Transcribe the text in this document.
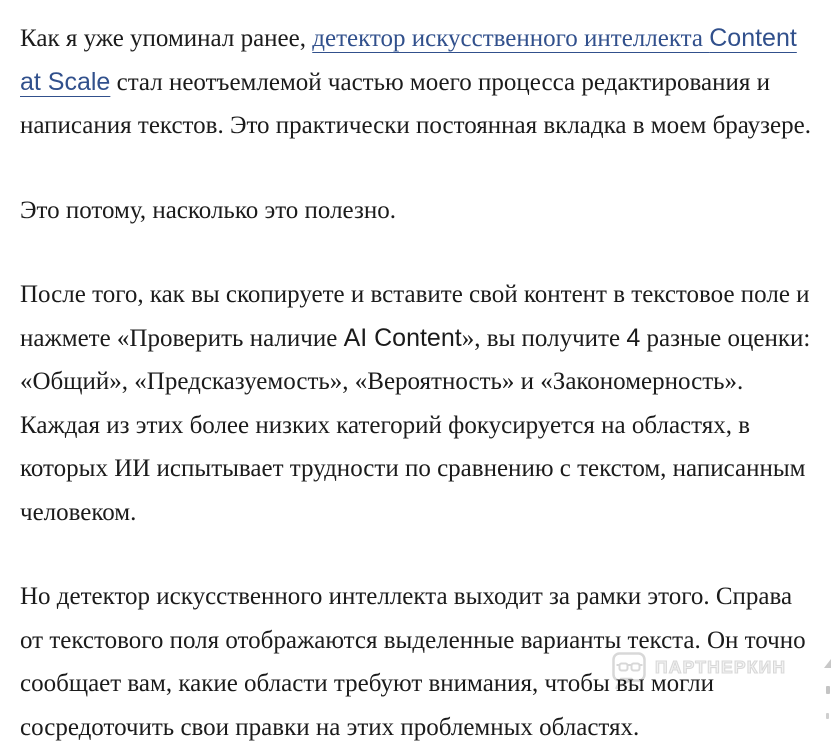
Как я уже упоминал ранее, детектор искусственного интеллекта Content at Scale стал неотъемлемой частью моего процесса редактирования и написания текстов. Это практически постоянная вкладка в моем браузере.

Это потому, насколько это полезно.

После того, как вы скопируете и вставите свой контент в текстовое поле и нажмете «Проверить наличие AI Content», вы получите 4 разные оценки: «Общий», «Предсказуемость», «Вероятность» и «Закономерность». Каждая из этих более низких категорий фокусируется на областях, в которых ИИ испытывает трудности по сравнению с текстом, написанным человеком.

Но детектор искусственного интеллекта выходит за рамки этого. Справа от текстового поля отображаются выделенные варианты текста. Он точно сообщает вам, какие области требуют внимания, чтобы вы могли сосредоточить свои правки на этих проблемных областях.

ПАРТНЕРКИН
